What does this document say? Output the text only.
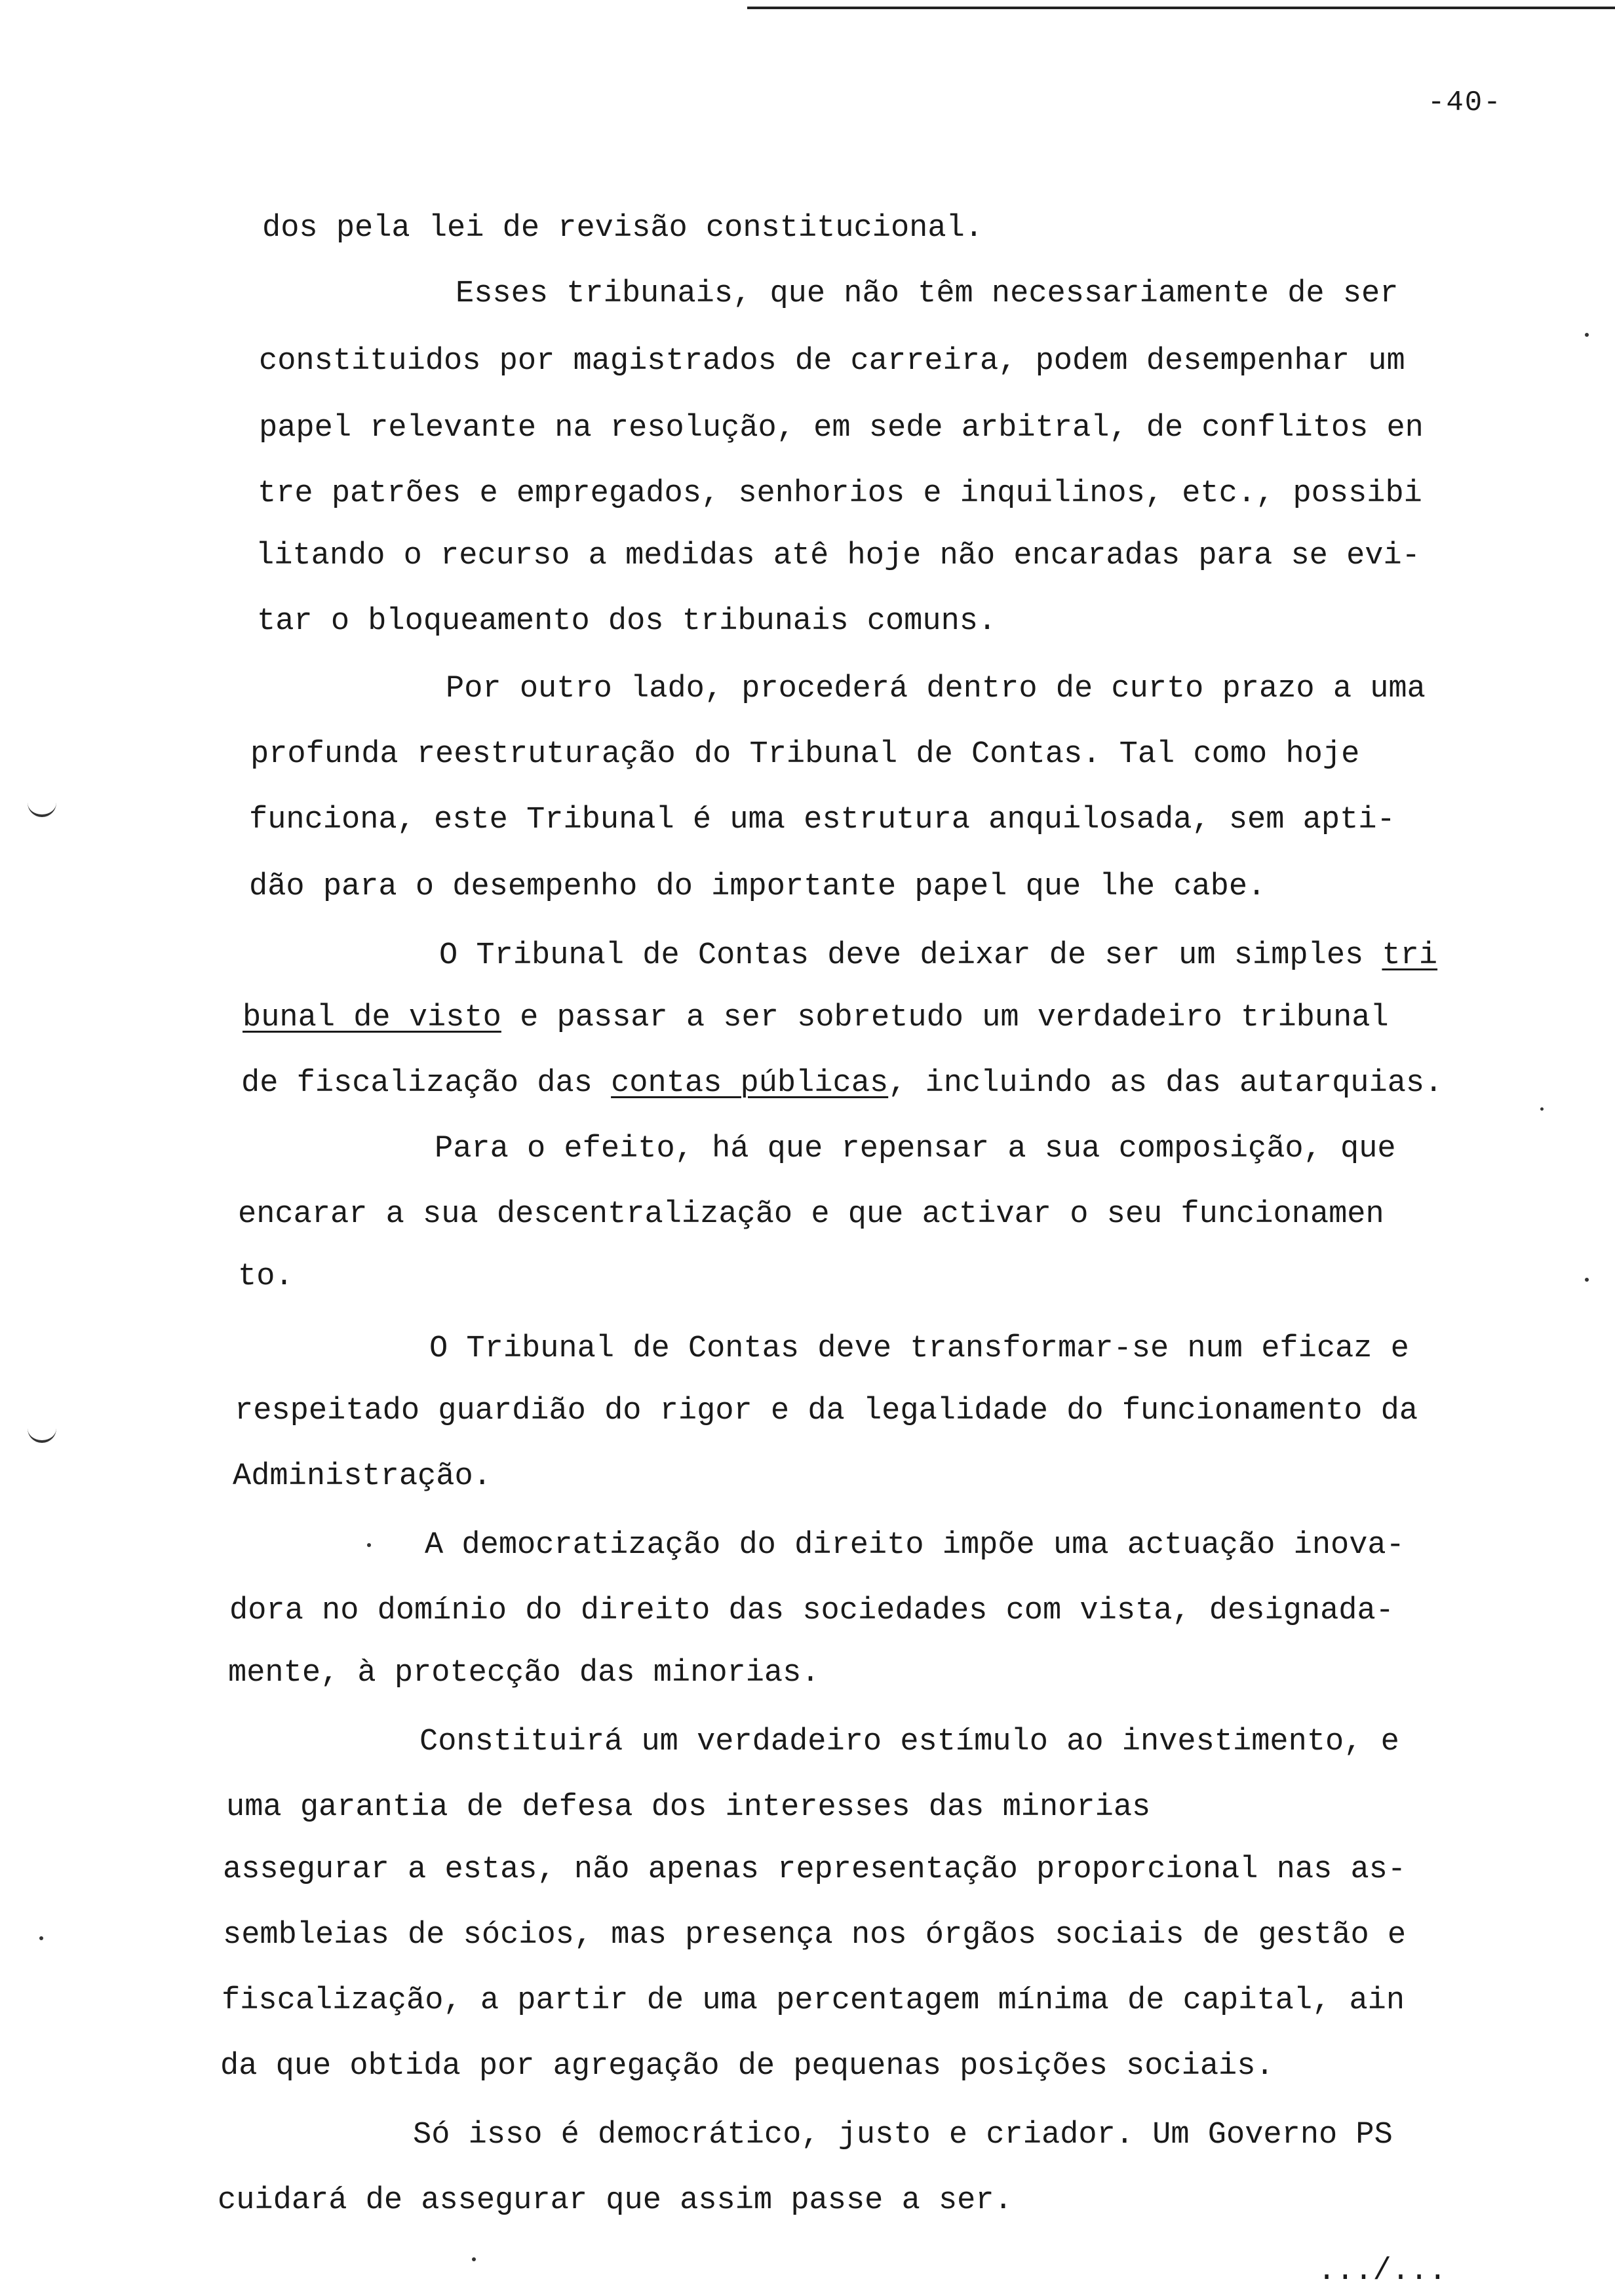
-40-
dos pela lei de revisão constitucional.
Esses tribunais, que não têm necessariamente de ser
constituidos por magistrados de carreira, podem desempenhar um
papel relevante na resolução, em sede arbitral, de conflitos en
tre patrões e empregados, senhorios e inquilinos, etc., possibi
litando o recurso a medidas atê hoje não encaradas para se evi-
tar o bloqueamento dos tribunais comuns.
Por outro lado, procederá dentro de curto prazo a uma
profunda reestruturação do Tribunal de Contas. Tal como hoje
funciona, este Tribunal é uma estrutura anquilosada, sem apti-
dão para o desempenho do importante papel que lhe cabe.
O Tribunal de Contas deve deixar de ser um simples tri
bunal de visto e passar a ser sobretudo um verdadeiro tribunal
de fiscalização das contas públicas, incluindo as das autarquias.
Para o efeito, há que repensar a sua composição, que
encarar a sua descentralização e que activar o seu funcionamen
to.
O Tribunal de Contas deve transformar-se num eficaz e
respeitado guardião do rigor e da legalidade do funcionamento da
Administração.
A democratização do direito impõe uma actuação inova-
dora no domínio do direito das sociedades com vista, designada-
mente, à protecção das minorias.
Constituirá um verdadeiro estímulo ao investimento, e
uma garantia de defesa dos interesses das minorias
assegurar a estas, não apenas representação proporcional nas as-
sembleias de sócios, mas presença nos órgãos sociais de gestão e
fiscalização, a partir de uma percentagem mínima de capital, ain
da que obtida por agregação de pequenas posições sociais.
Só isso é democrático, justo e criador. Um Governo PS
cuidará de assegurar que assim passe a ser.
.../...
